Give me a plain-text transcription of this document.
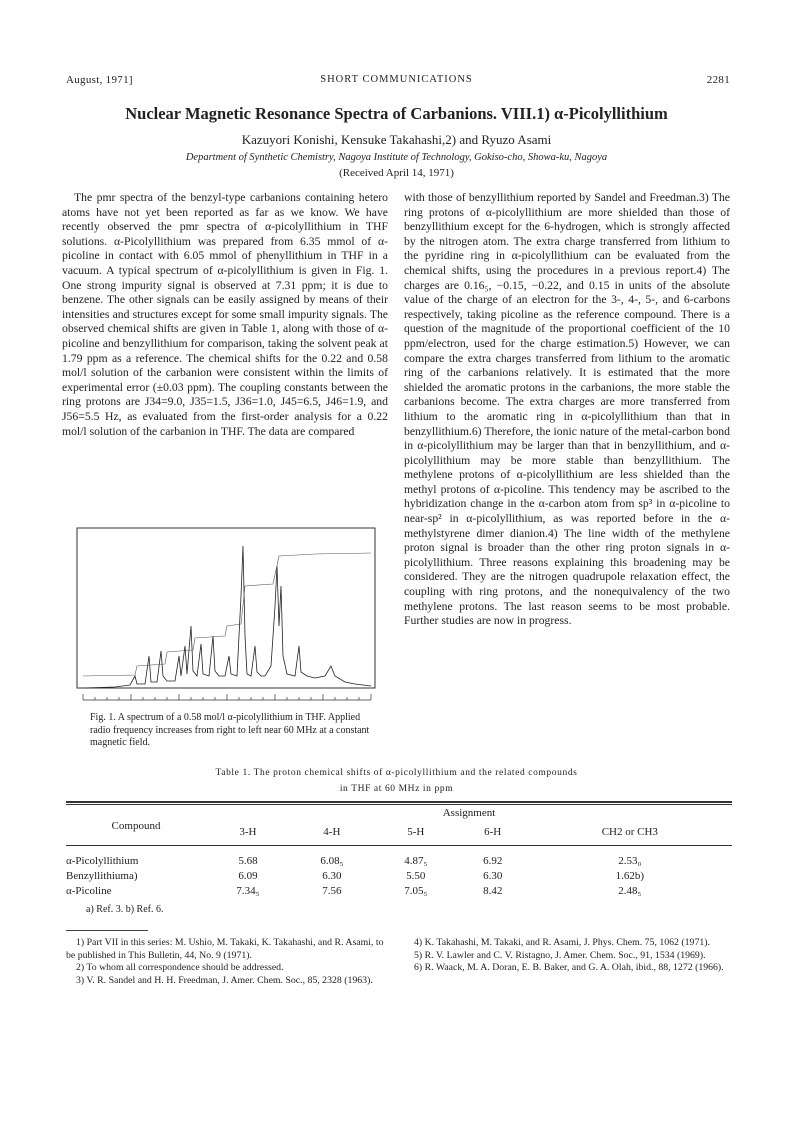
August, 1971]	SHORT COMMUNICATIONS	2281
Nuclear Magnetic Resonance Spectra of Carbanions. VIII.1) α-Picolyllithium
Kazuyori Konishi, Kensuke Takahashi,2) and Ryuzo Asami
Department of Synthetic Chemistry, Nagoya Institute of Technology, Gokiso-cho, Showa-ku, Nagoya
(Received April 14, 1971)

The pmr spectra of the benzyl-type carbanions containing hetero atoms have not yet been reported as far as we know. We have recently observed the pmr spectra of α-picolyllithium in THF solutions. α-Picolyllithium was prepared from 6.35 mmol of α-picoline in contact with 6.05 mmol of phenyllithium in THF in a vacuum. A typical spectrum of α-picolyllithium is given in Fig. 1. One strong impurity signal is observed at 7.31 ppm; it is due to benzene. The other signals can be easily assigned by means of their intensities and structures except for some small impurity signals. The observed chemical shifts are given in Table 1, along with those of α-picoline and benzyllithium for comparison, taking the solvent peak at 1.79 ppm as a reference. The chemical shifts for the 0.22 and 0.58 mol/l solution of the carbanion were consistent within the limits of experimental error (±0.03 ppm). The coupling constants between the ring protons are J34=9.0, J35=1.5, J36=1.0, J45=6.5, J46=1.9, and J56=5.5 Hz, as evaluated from the first-order analysis for a 0.22 mol/l solution of the carbanion in THF. The data are compared

with those of benzyllithium reported by Sandel and Freedman.3) The ring protons of α-picolyllithium are more shielded than those of benzyllithium except for the 6-hydrogen, which is strongly affected by the nitrogen atom. The extra charge transferred from lithium to the pyridine ring in α-picolyllithium can be evaluated from the chemical shifts, using the procedures in a previous report.4) The charges are 0.16₅, −0.15, −0.22, and 0.15 in units of the absolute value of the charge of an electron for the 3-, 4-, 5-, and 6-carbons respectively, taking picoline as the reference compound. There is a question of the magnitude of the proportional coefficient of the 10 ppm/electron, used for the charge estimation.5) However, we can compare the extra charges transferred from lithium to the aromatic ring of the carbanions relatively. It is estimated that the more shielded the aromatic protons in the carbanions, the more stable the carbanions become. The extra charges are more transferred from lithium to the aromatic ring in α-picolyllithium than that in benzyllithium.6) Therefore, the ionic nature of the metal-carbon bond in α-picolyllithium may be larger than that in benzyllithium, and α-picolyllithium may be more stable than benzyllithium. The methylene protons of α-picolyllithium are less shielded than the methyl protons of α-picoline. This tendency may be ascribed to the hybridization change in the α-carbon atom from sp³ in α-picoline to near-sp² in α-picolyllithium, as was reported before in the α-methylstyrene dimer dianion.4) The line width of the methylene proton signal is broader than the other ring proton signals in α-picolyllithium. Three reasons explaining this broadening may be considered. They are the nitrogen quadrupole relaxation effect, the coupling with ring protons, and the nonequivalency of the two methylene protons. The last reason seems to be most probable. Further studies are now in progress.

Fig. 1. A spectrum of a 0.58 mol/l α-picolyllithium in THF. Applied radio frequency increases from right to left near 60 MHz at a constant magnetic field.
Table 1. The proton chemical shifts of α-picolyllithium and the related compounds
in THF at 60 MHz in ppm
Compound	Assignment				
	3-H	4-H	5-H	6-H	CH2 or CH3

α-Picolyllithium	5.68	6.08₅	4.87₅	6.92	2.53₀
Benzyllithiuma)	6.09	6.30	5.50	6.30	1.62b)
α-Picoline	7.34₅	7.56	7.05₅	8.42	2.48₅
a) Ref. 3. b) Ref. 6.					

1) Part VII in this series: M. Ushio, M. Takaki, K. Takahashi, and R. Asami, to be published in This Bulletin, 44, No. 9 (1971).

2) To whom all correspondence should be addressed.

3) V. R. Sandel and H. H. Freedman, J. Amer. Chem. Soc., 85, 2328 (1963).

4) K. Takahashi, M. Takaki, and R. Asami, J. Phys. Chem. 75, 1062 (1971).

5) R. V. Lawler and C. V. Ristagno, J. Amer. Chem. Soc., 91, 1534 (1969).

6) R. Waack, M. A. Doran, E. B. Baker, and G. A. Olah, ibid., 88, 1272 (1966).
